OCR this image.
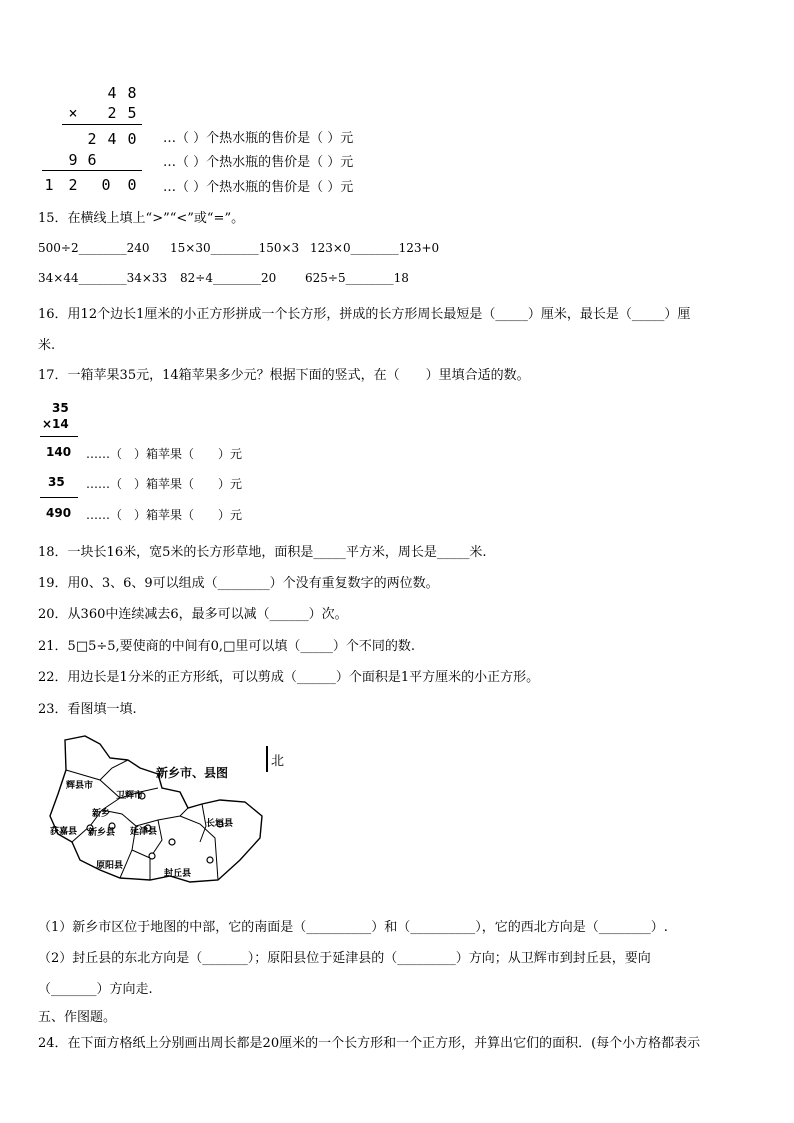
4 8
× 2 5
2 4 0
9 6
1 2 0 0
…（ ）个热水瓶的售价是（ ）元
…（ ）个热水瓶的售价是（ ）元
…（ ）个热水瓶的售价是（ ）元
15．在横线上填上“>”“<”或“=”。
500÷2________240 15×30________150×3 123×0________123+0
34×44________34×33 82÷4________20 625÷5________18
16．用12个边长1厘米的小正方形拼成一个长方形，拼成的长方形周长最短是（_____）厘米，最长是（_____）厘
米.
17．一箱苹果35元，14箱苹果多少元？根据下面的竖式，在（　　）里填合适的数。
35
×14
140 ……（　）箱苹果（　　）元
35 ……（　）箱苹果（　　）元
490 ……（　）箱苹果（　　）元
18．一块长16米，宽5米的长方形草地，面积是_____平方米，周长是_____米.
19．用0、3、6、9可以组成（________）个没有重复数字的两位数。
20．从360中连续减去6，最多可以减（______）次。
21．5□5÷5,要使商的中间有0,□里可以填（_____）个不同的数.
22．用边长是1分米的正方形纸，可以剪成（______）个面积是1平方厘米的小正方形。
23．看图填一填.
新乡市、县图
辉县市
卫辉市
获嘉县 新乡县
新乡
延津县
长垣县
原阳县
封丘县
北
（1）新乡市区位于地图的中部，它的南面是（__________）和（__________），它的西北方向是（________）.
（2）封丘县的东北方向是（_______）；原阳县位于延津县的（_________）方向；从卫辉市到封丘县，要向
（_______）方向走.
五、作图题。
24．在下面方格纸上分别画出周长都是20厘米的一个长方形和一个正方形，并算出它们的面积．(每个小方格都表示
